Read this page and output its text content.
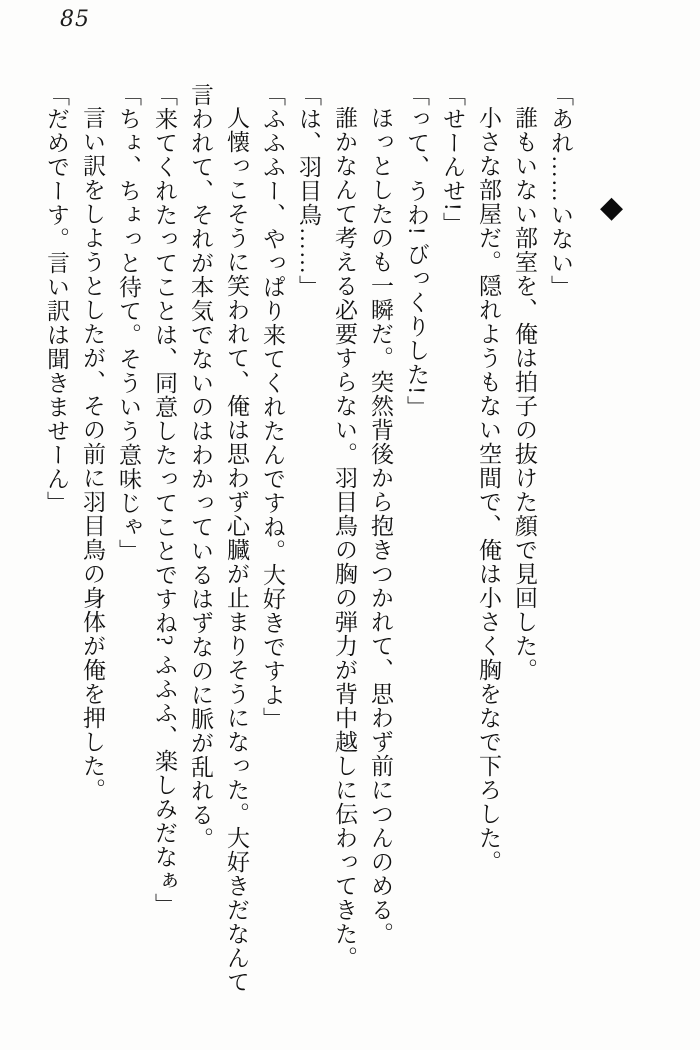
85
◆

「あれ……いない」

誰もいない部室を、俺は拍子の抜けた顔で見回した。

小さな部屋だ。隠れようもない空間で、俺は小さく胸をなで下ろした。

「せーんせ!」

「って、うわ! びっくりした!」

ほっとしたのも一瞬だ。突然背後から抱きつかれて、思わず前につんのめる。

誰かなんて考える必要すらない。羽目鳥の胸の弾力が背中越しに伝わってきた。

「は、羽目鳥……」

「ふふふー、やっぱり来てくれたんですね。大好きですよ」

人懐っこそうに笑われて、俺は思わず心臓が止まりそうになった。大好きだなんて言われて、それが本気でないのはわかっているはずなのに脈が乱れる。

「来てくれたってことは、同意したってことですね? ふふふ、楽しみだなぁ」

「ちょ、ちょっと待て。そういう意味じゃ」

言い訳をしようとしたが、その前に羽目鳥の身体が俺を押した。

「だめでーす。言い訳は聞きませーん」
